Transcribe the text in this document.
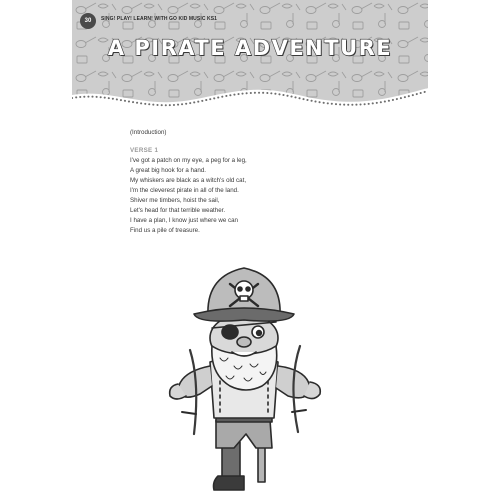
30	SING! PLAY! LEARN! WITH GO KID MUSIC KS1
A PIRATE ADVENTURE
(Introduction)
VERSE 1
I've got a patch on my eye, a peg for a leg,
A great big hook for a hand.
My whiskers are black as a witch's old cat,
I'm the cleverest pirate in all of the land.
Shiver me timbers, hoist the sail,
Let's head for that terrible weather.
I have a plan, I know just where we can
Find us a pile of treasure.
